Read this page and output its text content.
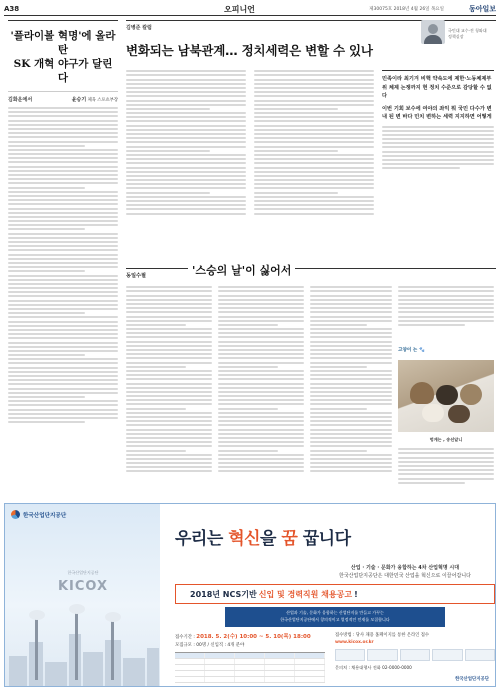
A38	오피니언	제30075호 2018년 4월 26일 목요일	동아일보
'플라이볼 혁명'에 올라탄
SK 개혁 야구가 달린다
김화운에서	윤승기 체육 스포츠부장
김병준 칼럼	국민대 교수·전 청와대
정책실장
변화되는 남북관계… 정치세력은 변할 수 있나

민족이라 최기겨 비핵 약속도에 제한·노동체제부위 체제 논쟁까지 현 정치 수준으로 감당할 수 없다

이번 기회 보수에 여야의 좌익 뭐 국민 다수가 변 내 된 변 바다 민치 변하는 세력 지지하면 어떻게

동일수필	'스승의 날'이 싫어서
고양이 는 🐾
멍게는 , 송선알니
한국산업단지공단
한국산업단지공단
KICOX
우리는 혁신을 꿈 꿉니다
산업 · 기술 · 문화가 융합하는 4차 산업혁명 시대
한국산업단지공단은 대한민국 산업을 혁신으로 이끌어갑니다
2018년 NCS기반 신입 및 경력직원 채용공고 !
산업과 기술, 문화가 융합하는 산업단지를 만들고 가꾸는
한국산업단지공단에서 창의적이고 열정적인 인재를 모집합니다
접수기간 : 2018. 5. 2(수) 10:00 ~ 5. 10(목) 18:00
모집규모 : 00명 / 신입직 : 4개 분야
접수방법 : 당사 채용 홈페이지를 통한 온라인 접수
www.kicox.or.kr
문의처 : 채용대행사 전화 02-0000-0000
한국산업단지공단
